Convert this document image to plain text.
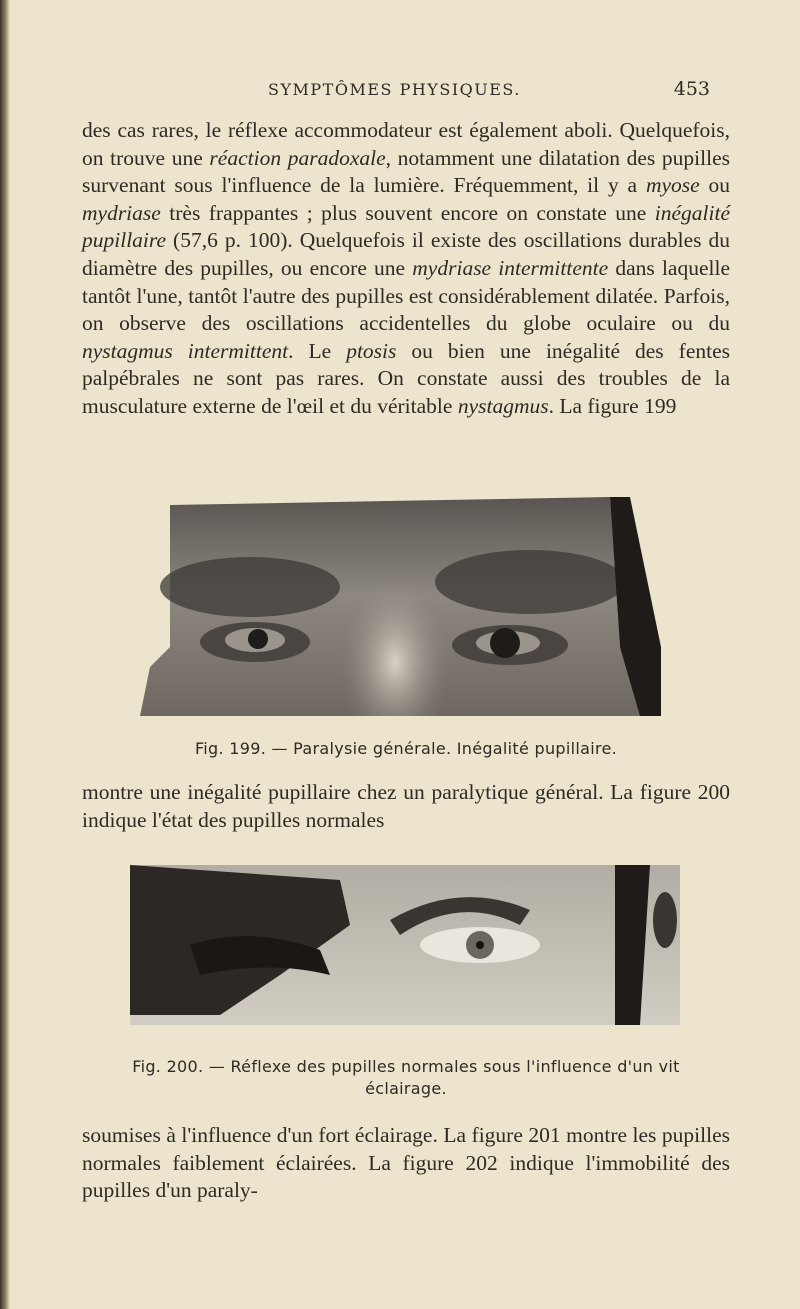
SYMPTÔMES PHYSIQUES.	453

des cas rares, le réflexe accommodateur est également aboli. Quelquefois, on trouve une réaction paradoxale, notamment une dilatation des pupilles survenant sous l'influence de la lumière. Fréquemment, il y a myose ou mydriase très frappantes ; plus souvent encore on constate une inégalité pupillaire (57,6 p. 100). Quelquefois il existe des oscillations durables du diamètre des pupilles, ou encore une mydriase intermittente dans laquelle tantôt l'une, tantôt l'autre des pupilles est considérablement dilatée. Parfois, on observe des oscillations accidentelles du globe oculaire ou du nystagmus intermittent. Le ptosis ou bien une inégalité des fentes palpébrales ne sont pas rares. On constate aussi des troubles de la musculature externe de l'œil et du véritable nystagmus. La figure 199

Fig. 199. — Paralysie générale. Inégalité pupillaire.

montre une inégalité pupillaire chez un paralytique général. La figure 200 indique l'état des pupilles normales

Fig. 200. — Réflexe des pupilles normales sous l'influence d'un vit
éclairage.

soumises à l'influence d'un fort éclairage. La figure 201 montre les pupilles normales faiblement éclairées. La figure 202 indique l'immobilité des pupilles d'un paraly-
